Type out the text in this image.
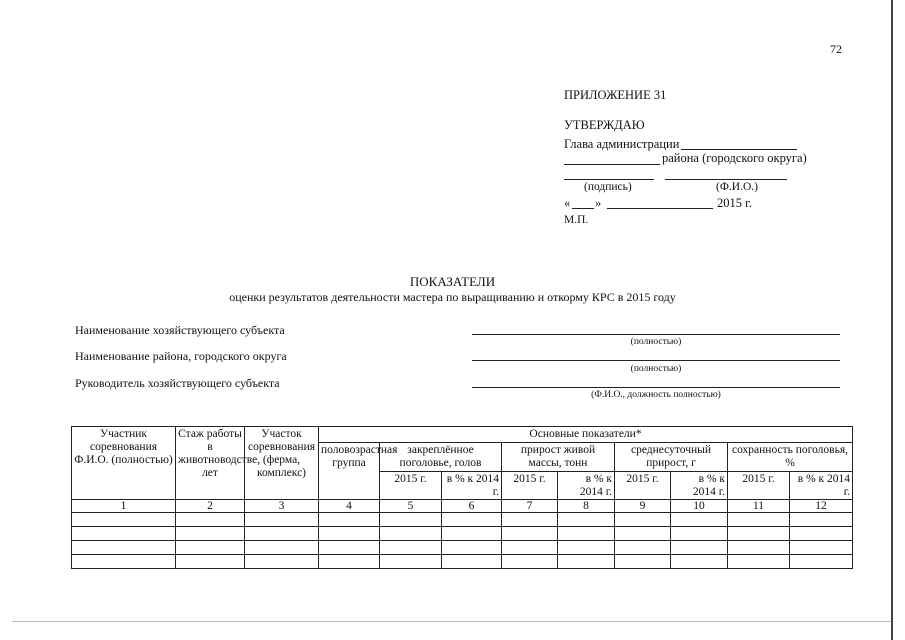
72
ПРИЛОЖЕНИЕ 31
УТВЕРЖДАЮ
Глава администрации
района (городского округа)
(подпись)	(Ф.И.О.)
« »	2015 г.
М.П.
ПОКАЗАТЕЛИ
оценки результатов деятельности мастера по выращиванию и откорму КРС в 2015 году
Наименование хозяйствующего субъекта
(полностью)
Наименование района, городского округа
(полностью)
Руководитель хозяйствующего субъекта
(Ф.И.О., должность полностью)
Участник соревнования Ф.И.О. (полностью)	Стаж работы в животноводстве, лет	Участок соревнования (ферма, комплекс)	Основные показатели*								
			половозрастная группа	закреплённое поголовье, голов		прирост живой массы, тонн		среднесуточный прирост, г		сохранность поголовья, %	
				2015 г.	в % к 2014 г.	2015 г.	в % к 2014 г.	2015 г.	в % к 2014 г.	2015 г.	в % к 2014 г.
1	2	3	4	5	6	7	8	9	10	11	12
